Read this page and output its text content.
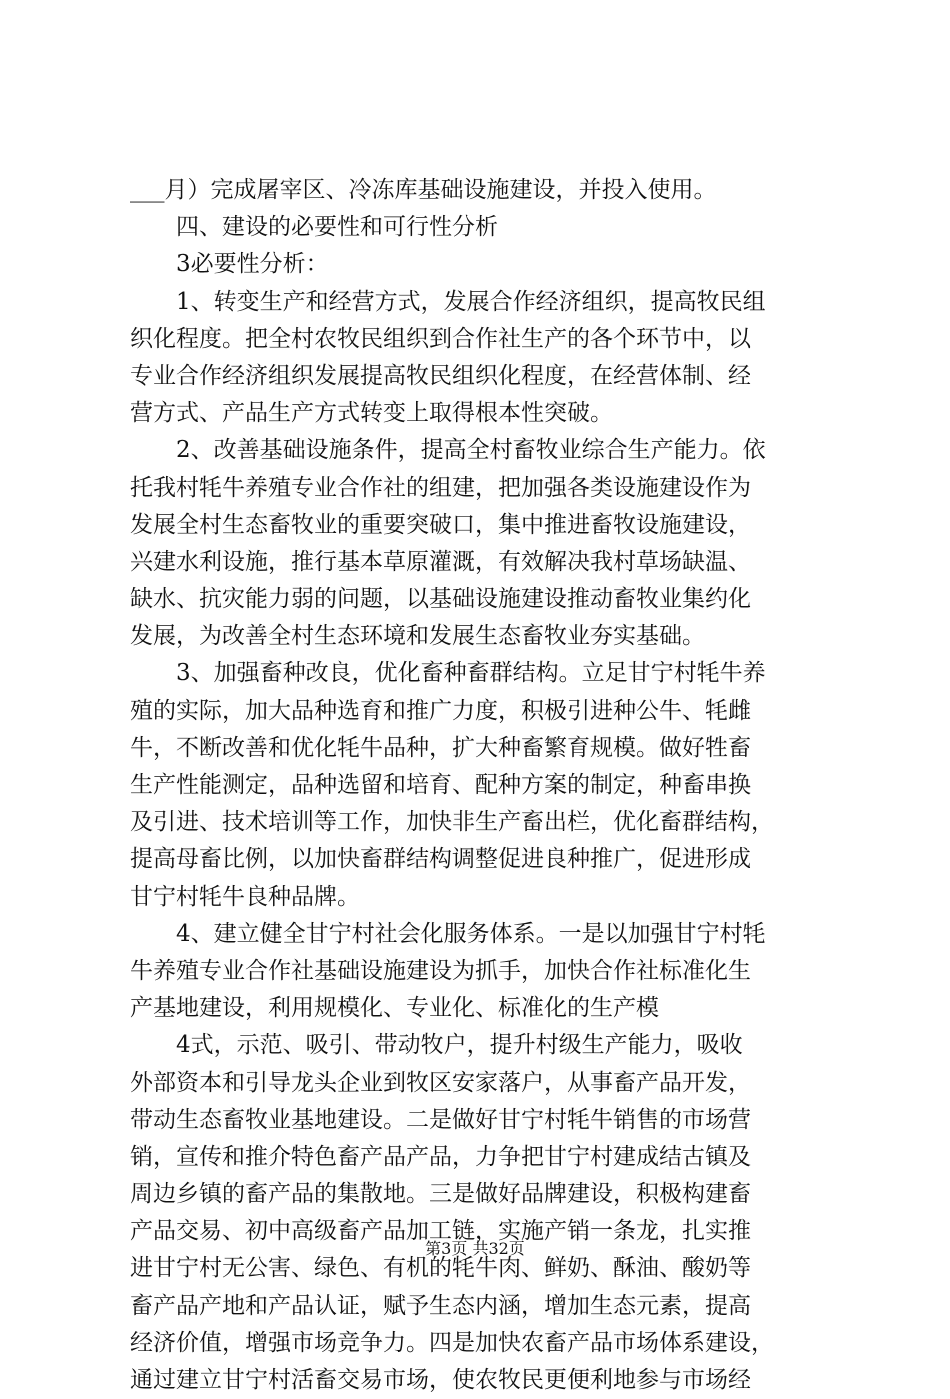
___月）完成屠宰区、冷冻库基础设施建设，并投入使用。
四、建设的必要性和可行性分析
3必要性分析：
1、转变生产和经营方式，发展合作经济组织，提高牧民组
织化程度。把全村农牧民组织到合作社生产的各个环节中，以
专业合作经济组织发展提高牧民组织化程度，在经营体制、经
营方式、产品生产方式转变上取得根本性突破。
2、改善基础设施条件，提高全村畜牧业综合生产能力。依
托我村牦牛养殖专业合作社的组建，把加强各类设施建设作为
发展全村生态畜牧业的重要突破口，集中推进畜牧设施建设，
兴建水利设施，推行基本草原灌溉，有效解决我村草场缺温、
缺水、抗灾能力弱的问题，以基础设施建设推动畜牧业集约化
发展，为改善全村生态环境和发展生态畜牧业夯实基础。
3、加强畜种改良，优化畜种畜群结构。立足甘宁村牦牛养
殖的实际，加大品种选育和推广力度，积极引进种公牛、牦雌
牛，不断改善和优化牦牛品种，扩大种畜繁育规模。做好牲畜
生产性能测定，品种选留和培育、配种方案的制定，种畜串换
及引进、技术培训等工作，加快非生产畜出栏，优化畜群结构，
提高母畜比例，以加快畜群结构调整促进良种推广，促进形成
甘宁村牦牛良种品牌。
4、建立健全甘宁村社会化服务体系。一是以加强甘宁村牦
牛养殖专业合作社基础设施建设为抓手，加快合作社标准化生
产基地建设，利用规模化、专业化、标准化的生产模
4式，示范、吸引、带动牧户，提升村级生产能力，吸收
外部资本和引导龙头企业到牧区安家落户，从事畜产品开发，
带动生态畜牧业基地建设。二是做好甘宁村牦牛销售的市场营
销，宣传和推介特色畜产品产品，力争把甘宁村建成结古镇及
周边乡镇的畜产品的集散地。三是做好品牌建设，积极构建畜
产品交易、初中高级畜产品加工链，实施产销一条龙，扎实推
进甘宁村无公害、绿色、有机的牦牛肉、鲜奶、酥油、酸奶等
畜产品产地和产品认证，赋予生态内涵，增加生态元素，提高
经济价值，增强市场竞争力。四是加快农畜产品市场体系建设，
通过建立甘宁村活畜交易市场，使农牧民更便利地参与市场经
第3页 共32页
